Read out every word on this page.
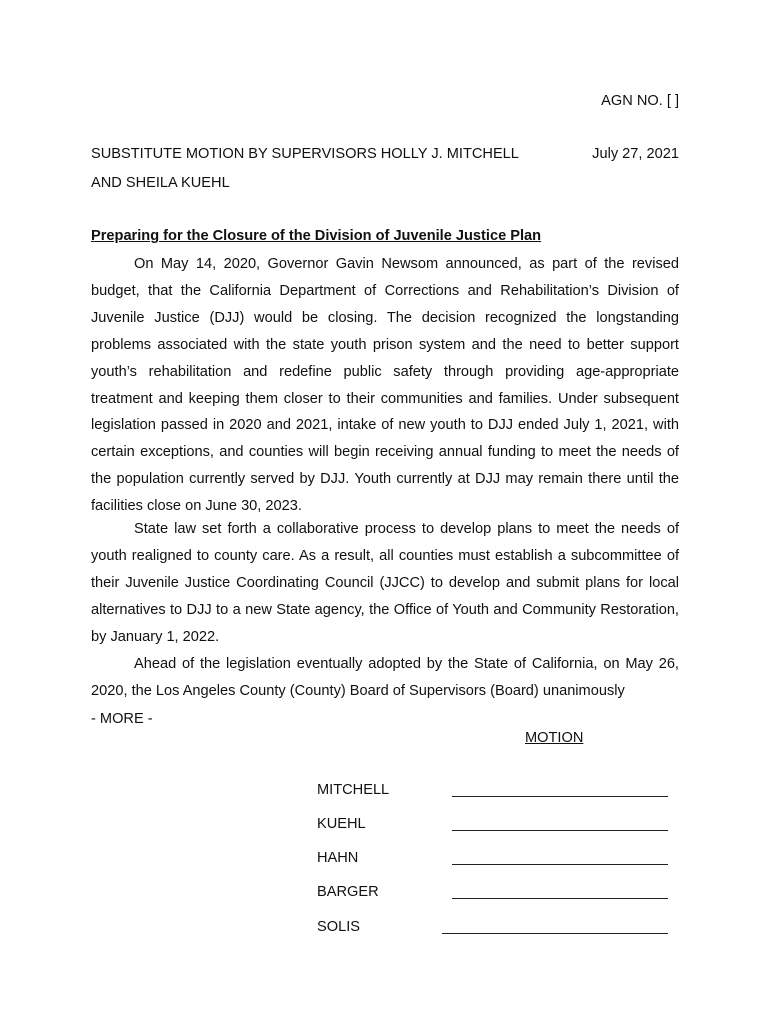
AGN NO. [ ]
SUBSTITUTE MOTION BY SUPERVISORS HOLLY J. MITCHELL	July 27, 2021
AND SHEILA KUEHL
Preparing for the Closure of the Division of Juvenile Justice Plan

On May 14, 2020, Governor Gavin Newsom announced, as part of the revised budget, that the California Department of Corrections and Rehabilitation’s Division of Juvenile Justice (DJJ) would be closing. The decision recognized the longstanding problems associated with the state youth prison system and the need to better support youth’s rehabilitation and redefine public safety through providing age-appropriate treatment and keeping them closer to their communities and families. Under subsequent legislation passed in 2020 and 2021, intake of new youth to DJJ ended July 1, 2021, with certain exceptions, and counties will begin receiving annual funding to meet the needs of the population currently served by DJJ. Youth currently at DJJ may remain there until the facilities close on June 30, 2023.

State law set forth a collaborative process to develop plans to meet the needs of youth realigned to county care. As a result, all counties must establish a subcommittee of their Juvenile Justice Coordinating Council (JJCC) to develop and submit plans for local alternatives to DJJ to a new State agency, the Office of Youth and Community Restoration, by January 1, 2022.

Ahead of the legislation eventually adopted by the State of California, on May 26, 2020, the Los Angeles County (County) Board of Supervisors (Board) unanimously

- MORE -
MOTION
MITCHELL
KUEHL
HAHN
BARGER
SOLIS
